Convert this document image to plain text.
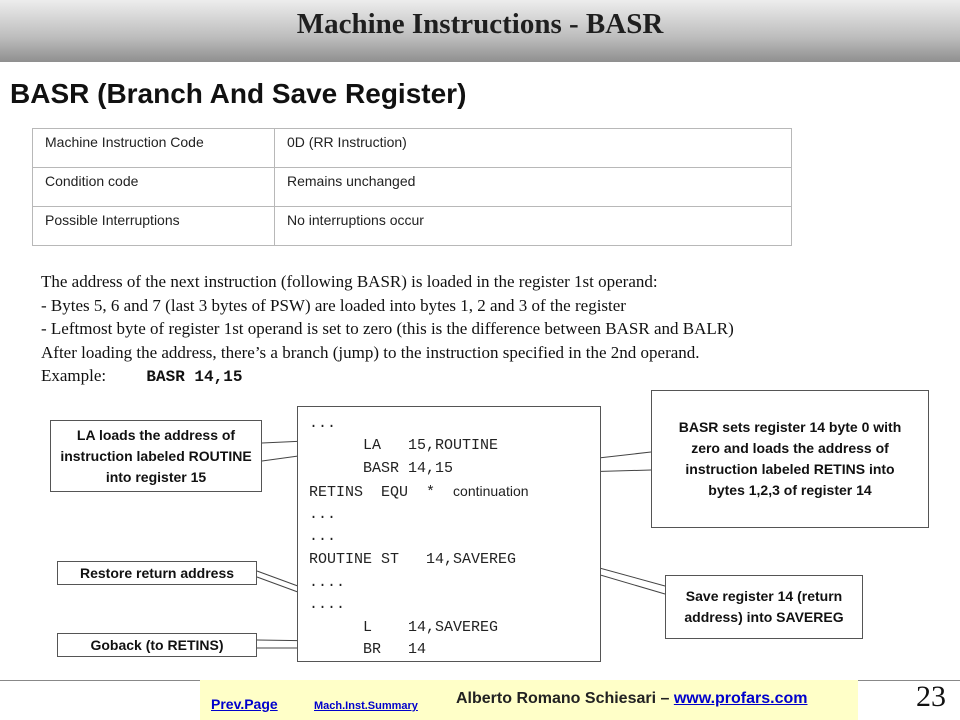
Machine Instructions - BASR
BASR (Branch And Save Register)
Machine Instruction Code	0D (RR Instruction)
Condition code	Remains unchanged
Possible Interruptions	No interruptions occur
The address of the next instruction (following BASR) is loaded in the register 1st operand:
- Bytes 5, 6 and 7 (last 3 bytes of PSW) are loaded into bytes 1, 2 and 3 of the register
- Leftmost byte of register 1st operand is set to zero (this is the difference between BASR and BALR)
After loading the address, there’s a branch (jump) to the instruction specified in the 2nd operand.
Example:	BASR 14,15
...
LA   15,ROUTINE
BASR 14,15
RETINS  EQU  *  continuation
...
...
ROUTINE ST   14,SAVEREG
....
....
L    14,SAVEREG
BR   14
LA loads the address of instruction labeled ROUTINE into register 15
BASR sets register 14 byte 0 with zero and loads the address of instruction labeled RETINS into bytes 1,2,3 of register 14
Restore return address
Save register 14 (return address) into SAVEREG
Goback (to RETINS)
Prev.Page	Mach.Inst.Summary Alberto Romano Schiesari – www.profars.com	23
